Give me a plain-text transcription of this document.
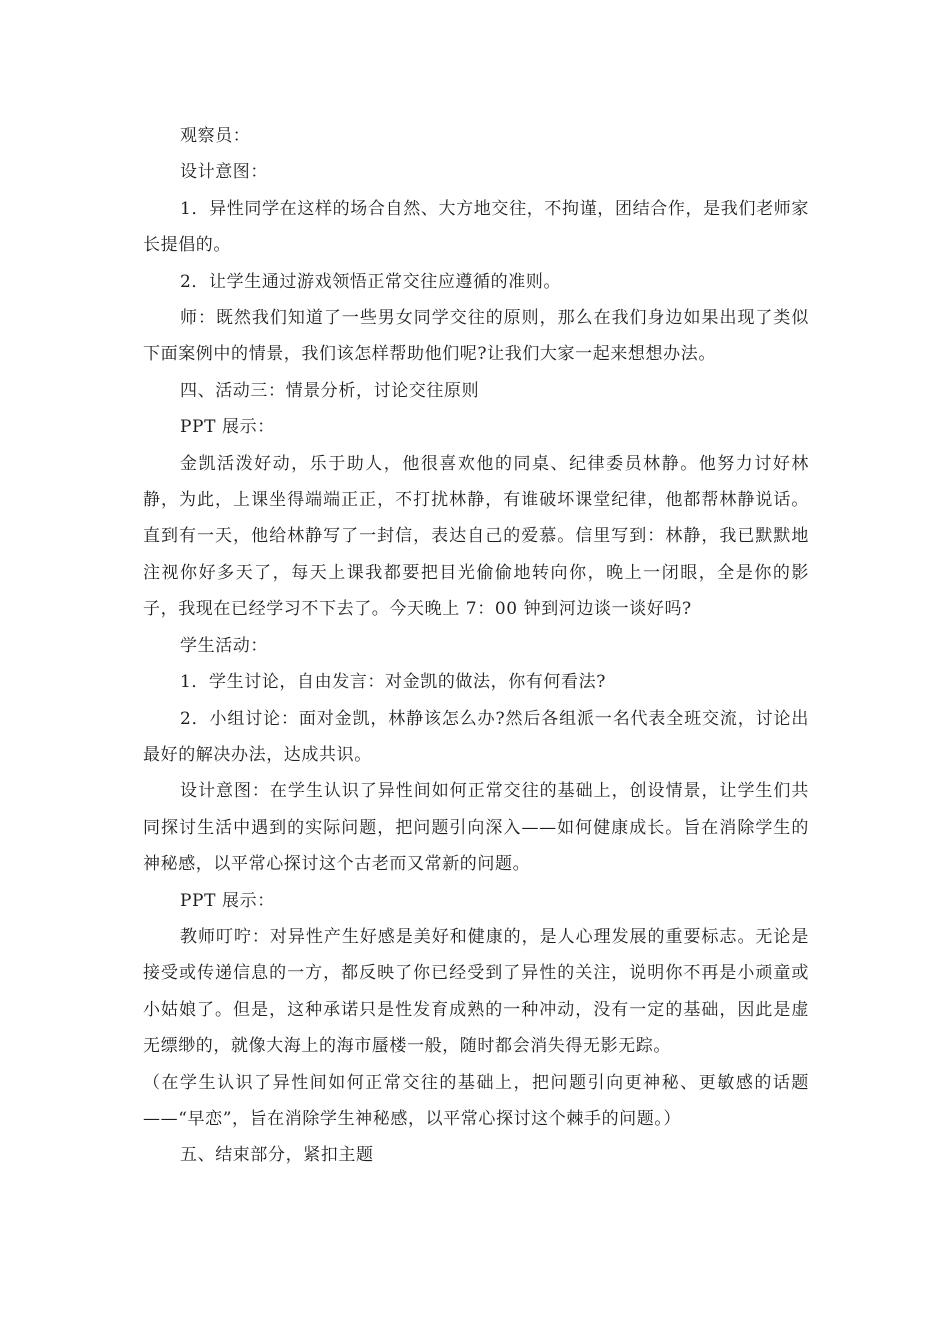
观察员：

设计意图：

1．异性同学在这样的场合自然、大方地交往，不拘谨，团结合作，是我们老师家长提倡的。

2．让学生通过游戏领悟正常交往应遵循的准则。

师：既然我们知道了一些男女同学交往的原则，那么在我们身边如果出现了类似下面案例中的情景，我们该怎样帮助他们呢?让我们大家一起来想想办法。

四、活动三：情景分析，讨论交往原则

PPT 展示：

金凯活泼好动，乐于助人，他很喜欢他的同桌、纪律委员林静。他努力讨好林静，为此，上课坐得端端正正，不打扰林静，有谁破坏课堂纪律，他都帮林静说话。直到有一天，他给林静写了一封信，表达自己的爱慕。信里写到：林静，我已默默地注视你好多天了，每天上课我都要把目光偷偷地转向你，晚上一闭眼，全是你的影子，我现在已经学习不下去了。今天晚上 7：00 钟到河边谈一谈好吗?

学生活动：

1．学生讨论，自由发言：对金凯的做法，你有何看法?

2．小组讨论：面对金凯，林静该怎么办?然后各组派一名代表全班交流，讨论出最好的解决办法，达成共识。

设计意图：在学生认识了异性间如何正常交往的基础上，创设情景，让学生们共同探讨生活中遇到的实际问题，把问题引向深入——如何健康成长。旨在消除学生的神秘感，以平常心探讨这个古老而又常新的问题。

PPT 展示：

教师叮咛：对异性产生好感是美好和健康的，是人心理发展的重要标志。无论是接受或传递信息的一方，都反映了你已经受到了异性的关注，说明你不再是小顽童或小姑娘了。但是，这种承诺只是性发育成熟的一种冲动，没有一定的基础，因此是虚无缥缈的，就像大海上的海市蜃楼一般，随时都会消失得无影无踪。

（在学生认识了异性间如何正常交往的基础上，把问题引向更神秘、更敏感的话题——“早恋”，旨在消除学生神秘感，以平常心探讨这个棘手的问题。）

五、结束部分，紧扣主题
